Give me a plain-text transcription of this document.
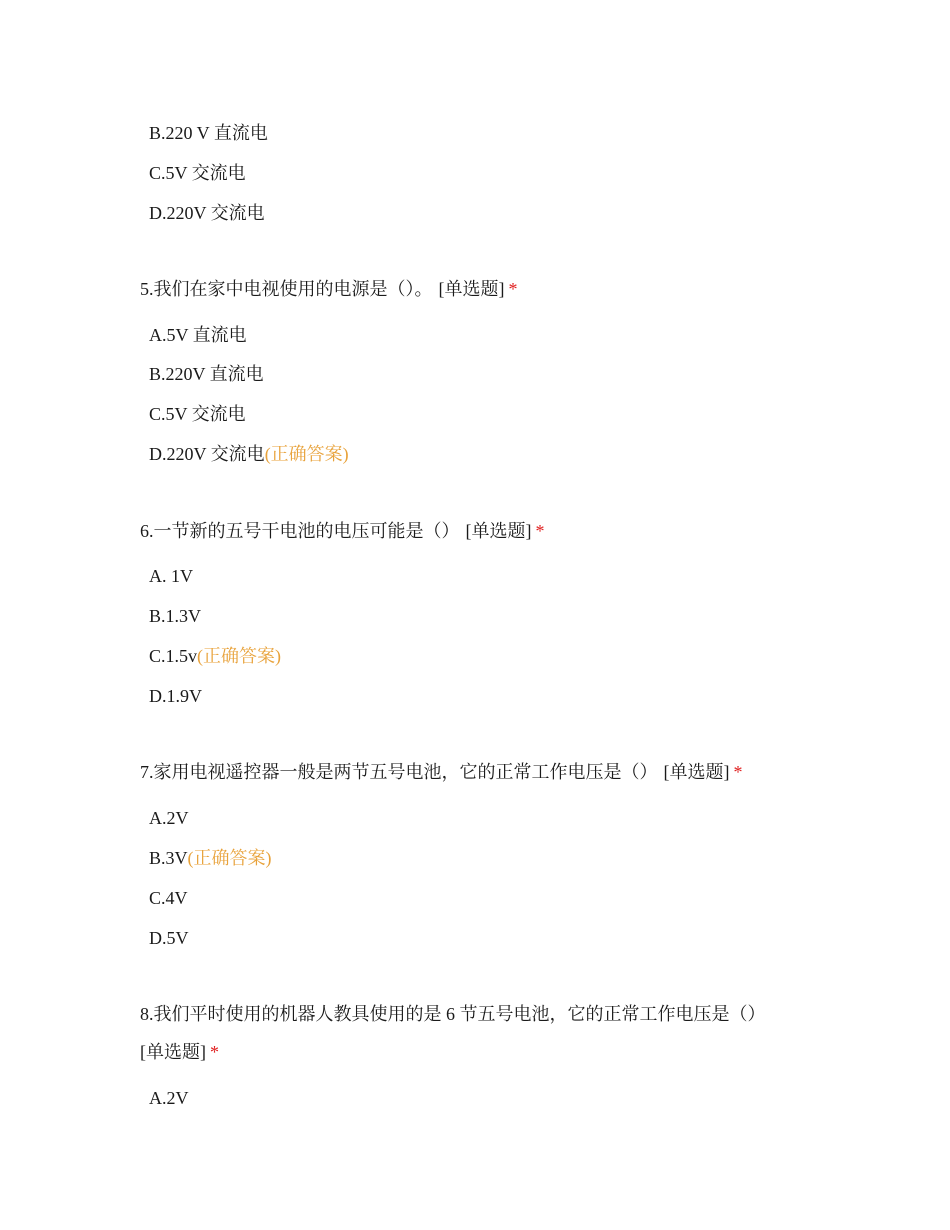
B.220 V 直流电
C.5V 交流电
D.220V 交流电
5.我们在家中电视使用的电源是（）。 [单选题] *
A.5V 直流电
B.220V 直流电
C.5V 交流电
D.220V 交流电(正确答案)
6.一节新的五号干电池的电压可能是（） [单选题] *
A. 1V
B.1.3V
C.1.5v(正确答案)
D.1.9V
7.家用电视遥控器一般是两节五号电池，它的正常工作电压是（） [单选题] *
A.2V
B.3V(正确答案)
C.4V
D.5V
8.我们平时使用的机器人教具使用的是 6 节五号电池，它的正常工作电压是（）
[单选题] *
A.2V
